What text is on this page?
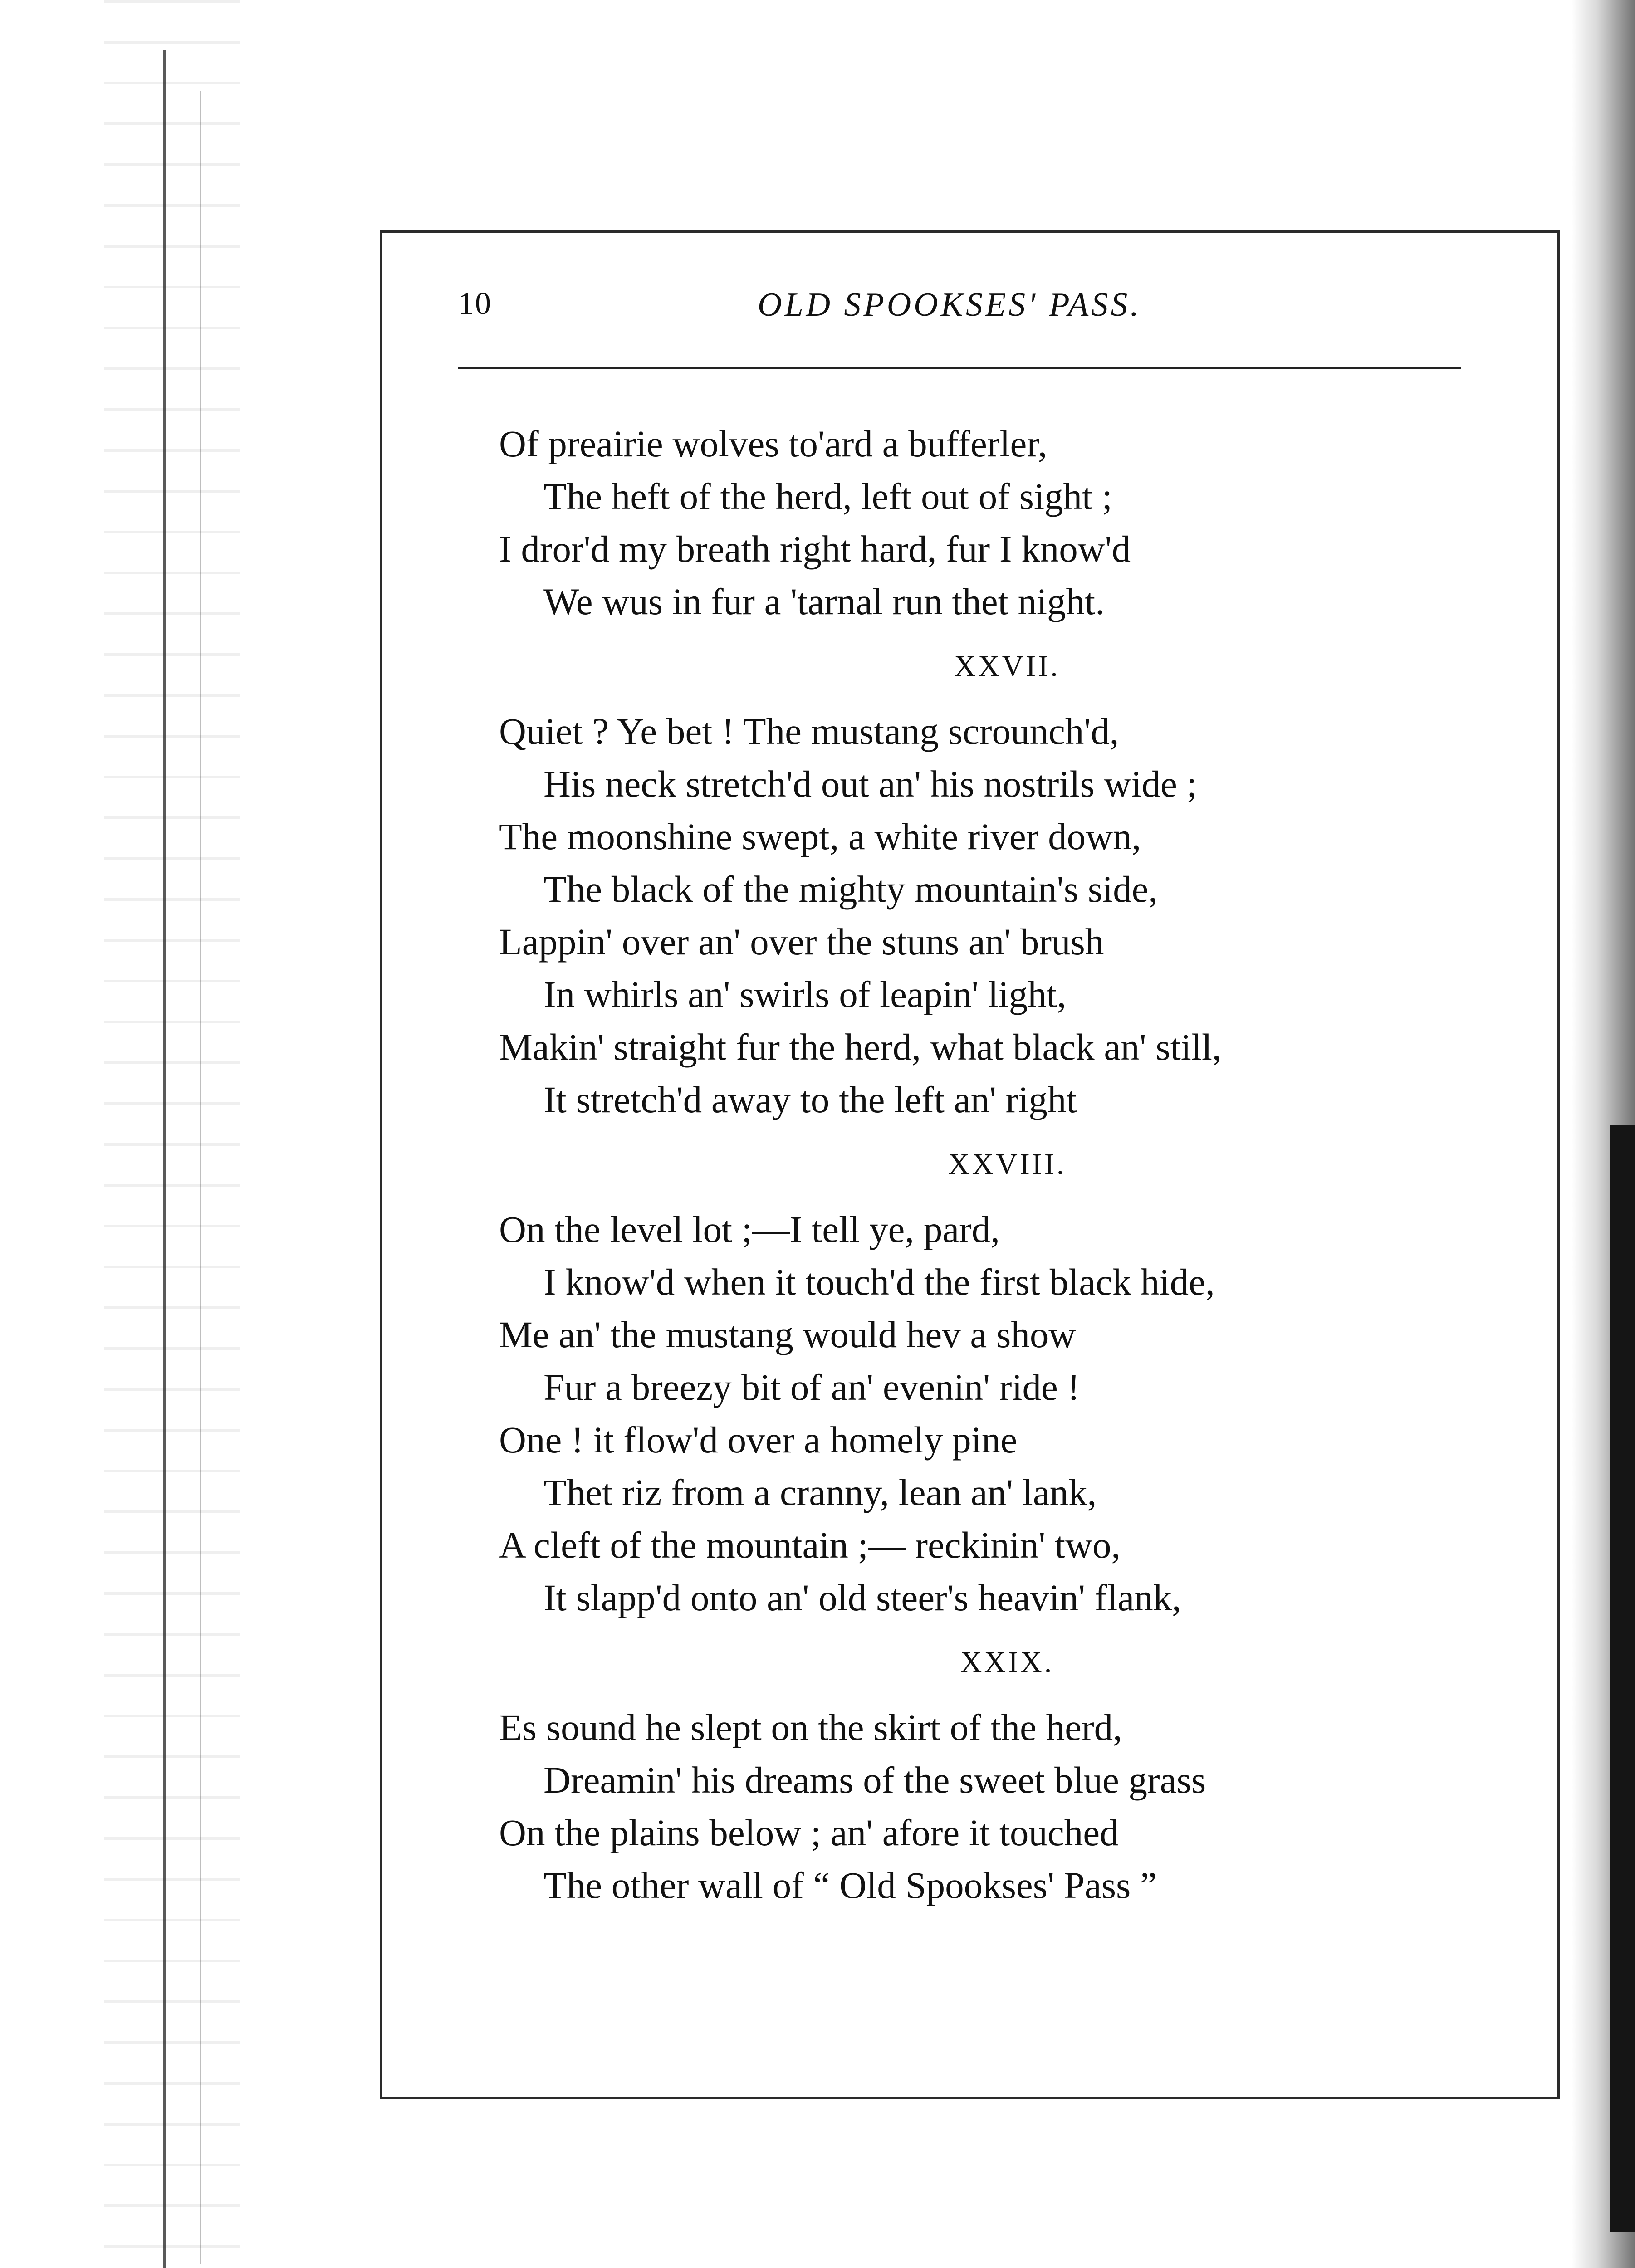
10	OLD SPOOKSES' PASS.
Of preairie wolves to'ard a bufferler,
The heft of the herd, left out of sight ;
I dror'd my breath right hard, fur I know'd
We wus in fur a 'tarnal run thet night.
XXVII.
Quiet ? Ye bet ! The mustang scrounch'd,
His neck stretch'd out an' his nostrils wide ;
The moonshine swept, a white river down,
The black of the mighty mountain's side,
Lappin' over an' over the stuns an' brush
In whirls an' swirls of leapin' light,
Makin' straight fur the herd, what black an' still,
It stretch'd away to the left an' right
XXVIII.
On the level lot ;—I tell ye, pard,
I know'd when it touch'd the first black hide,
Me an' the mustang would hev a show
Fur a breezy bit of an' evenin' ride !
One ! it flow'd over a homely pine
Thet riz from a cranny, lean an' lank,
A cleft of the mountain ;— reckinin' two,
It slapp'd onto an' old steer's heavin' flank,
XXIX.
Es sound he slept on the skirt of the herd,
Dreamin' his dreams of the sweet blue grass
On the plains below ; an' afore it touched
The other wall of “ Old Spookses' Pass ”
